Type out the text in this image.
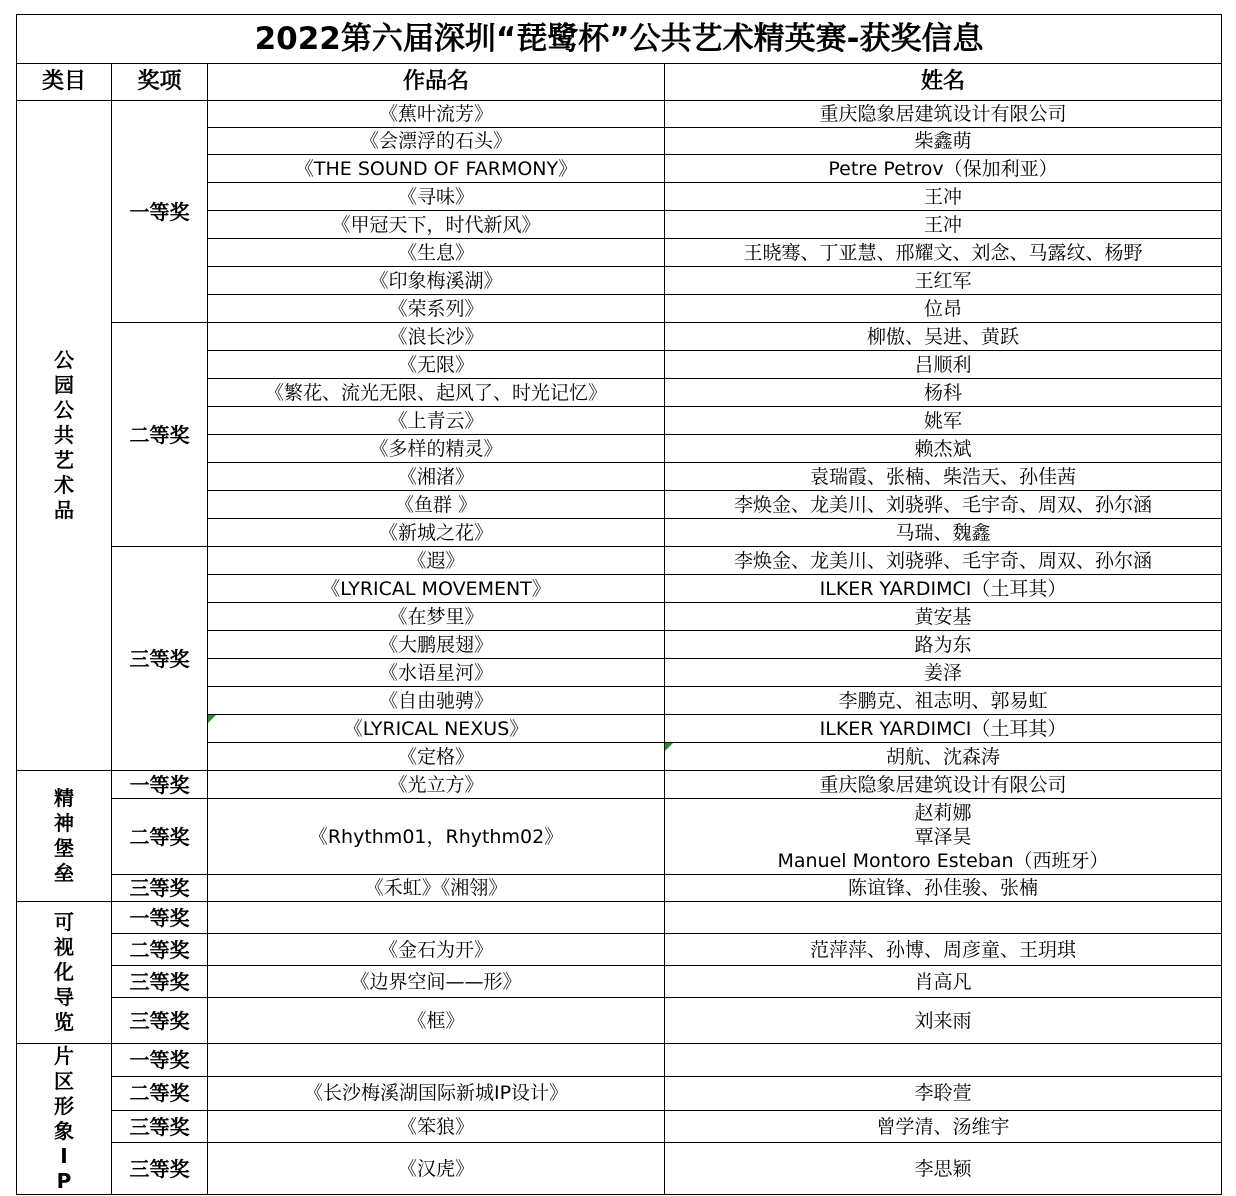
2022第六届深圳“琵鹭杯”公共艺术精英赛-获奖信息			
类目	奖项	作品名	姓名
公园公共艺术品	一等奖	《蕉叶流芳》	重庆隐象居建筑设计有限公司
		《会漂浮的石头》	柴鑫萌
		《THE SOUND OF FARMONY》	Petre Petrov（保加利亚）
		《寻味》	王冲
		《甲冠天下，时代新风》	王冲
		《生息》	王晓骞、丁亚慧、邢耀文、刘念、马露纹、杨野
		《印象梅溪湖》	王红军
		《荣系列》	位昂
	二等奖	《浪长沙》	柳傲、吴进、黄跃
		《无限》	吕顺利
		《繁花、流光无限、起风了、时光记忆》	杨科
		《上青云》	姚军
		《多样的精灵》	赖杰斌
		《湘渚》	袁瑞霞、张楠、柴浩天、孙佳茜
		《鱼群 》	李焕金、龙美川、刘骁骅、毛宇奇、周双、孙尔涵
		《新城之花》	马瑞、魏鑫
	三等奖	《遐》	李焕金、龙美川、刘骁骅、毛宇奇、周双、孙尔涵
		《LYRICAL MOVEMENT》	ILKER YARDIMCI（土耳其）
		《在梦里》	黄安基
		《大鹏展翅》	路为东
		《水语星河》	姜泽
		《自由驰骋》	李鹏克、祖志明、郭易虹
		《LYRICAL NEXUS》	ILKER YARDIMCI（土耳其）
		《定格》	胡航、沈森涛
精神堡垒	一等奖	《光立方》	重庆隐象居建筑设计有限公司
	二等奖	《Rhythm01，Rhythm02》	赵莉娜
覃泽昊
Manuel Montoro Esteban（西班牙）
	三等奖	《禾虹》《湘翎》	陈谊锋、孙佳骏、张楠
可视化导览	一等奖		
	二等奖	《金石为开》	范萍萍、孙博、周彦童、王玥琪
	三等奖	《边界空间——形》	肖高凡
	三等奖	《框》	刘来雨
片区形象IP	一等奖		
	二等奖	《长沙梅溪湖国际新城IP设计》	李聆萱
	三等奖	《笨狼》	曾学清、汤维宇
	三等奖	《汉虎》	李思颖
